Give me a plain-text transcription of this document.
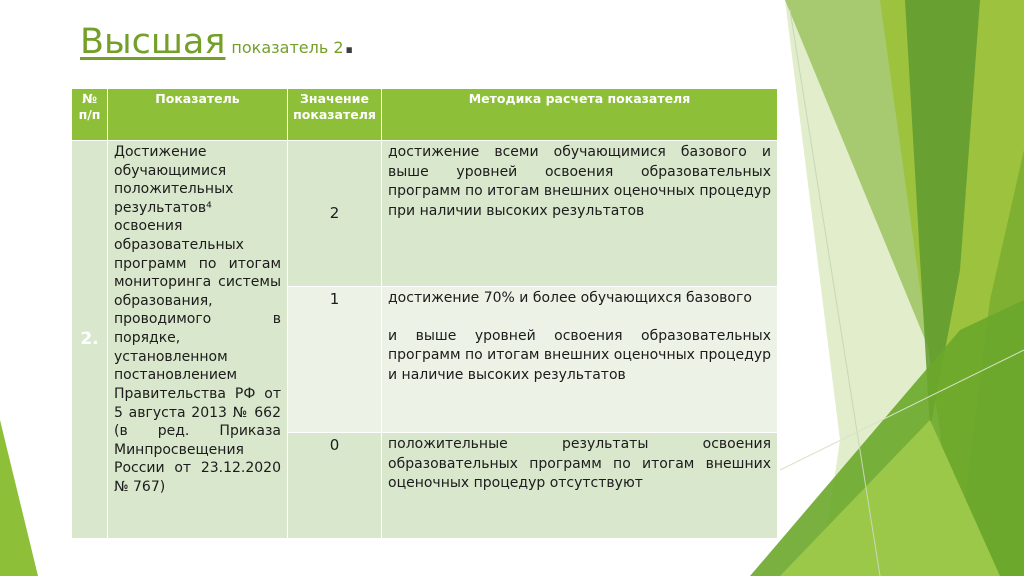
Высшая показатель 2.
№ п/п	Показатель	Значение показателя	Методика расчета показателя
2.	Достижение обучающимися положительных результатов⁴ освоения образовательных программ по итогам мониторинга системы образования, проводимого в порядке, установленном постановлением Правительства РФ от 5 августа 2013 № 662 (в ред. Приказа Минпросвещения России от 23.12.2020 № 767)	2	достижение всеми обучающимися базового и выше уровней освоения образовательных программ по итогам внешних оценочных процедур при наличии высоких результатов

		1	достижение 70% и более обучающихся базового
и выше уровней освоения образовательных программ по итогам внешних оценочных процедур
и наличие высоких результатов

		0	положительные результаты освоения образовательных программ по итогам внешних оценочных процедур отсутствуют
